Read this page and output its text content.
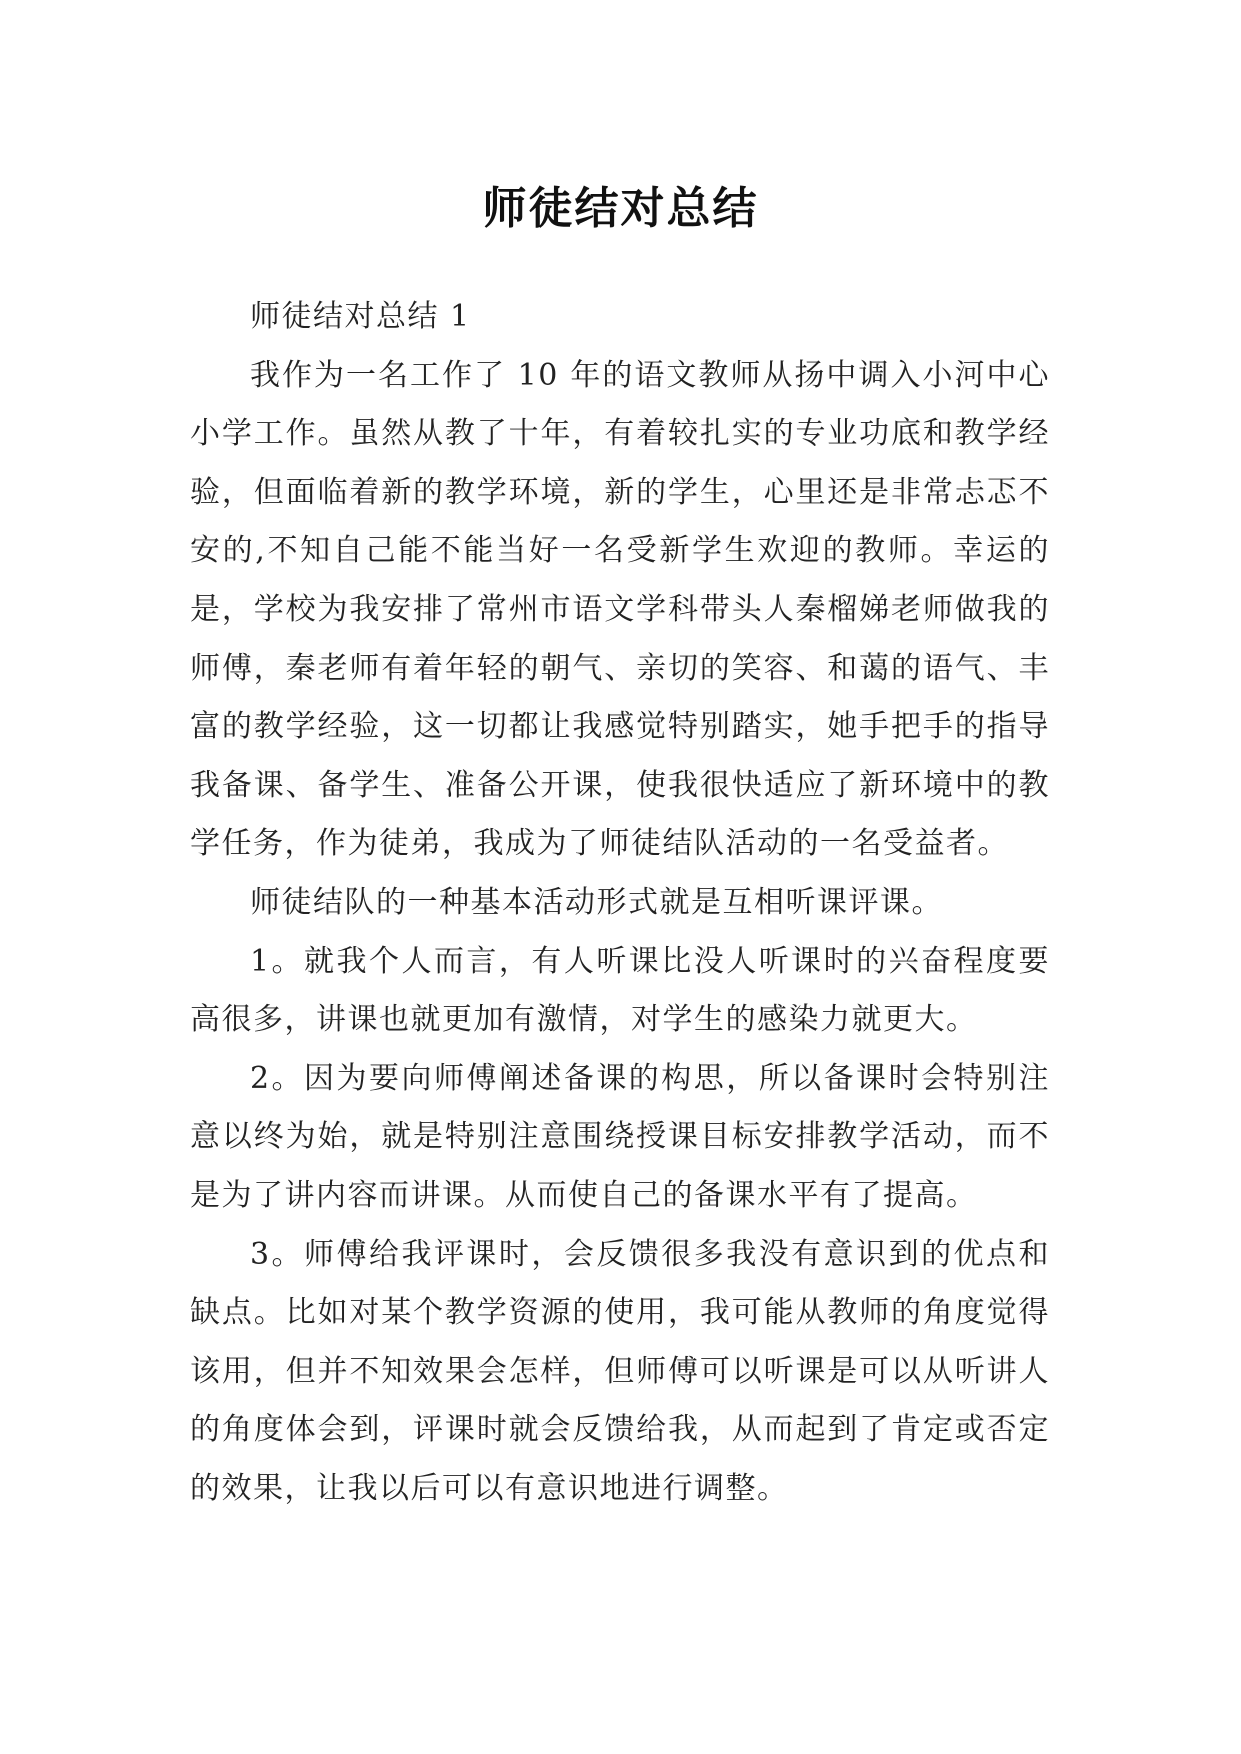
师徒结对总结

师徒结对总结 1

我作为一名工作了 10 年的语文教师从扬中调入小河中心小学工作。虽然从教了十年，有着较扎实的专业功底和教学经验，但面临着新的教学环境，新的学生，心里还是非常忐忑不安的,不知自己能不能当好一名受新学生欢迎的教师。幸运的是，学校为我安排了常州市语文学科带头人秦榴娣老师做我的师傅，秦老师有着年轻的朝气、亲切的笑容、和蔼的语气、丰富的教学经验，这一切都让我感觉特别踏实，她手把手的指导我备课、备学生、准备公开课，使我很快适应了新环境中的教学任务，作为徒弟，我成为了师徒结队活动的一名受益者。

师徒结队的一种基本活动形式就是互相听课评课。

1。就我个人而言，有人听课比没人听课时的兴奋程度要高很多，讲课也就更加有激情，对学生的感染力就更大。

2。因为要向师傅阐述备课的构思，所以备课时会特别注意以终为始，就是特别注意围绕授课目标安排教学活动，而不是为了讲内容而讲课。从而使自己的备课水平有了提高。

3。师傅给我评课时，会反馈很多我没有意识到的优点和缺点。比如对某个教学资源的使用，我可能从教师的角度觉得该用，但并不知效果会怎样，但师傅可以听课是可以从听讲人的角度体会到，评课时就会反馈给我，从而起到了肯定或否定的效果，让我以后可以有意识地进行调整。
